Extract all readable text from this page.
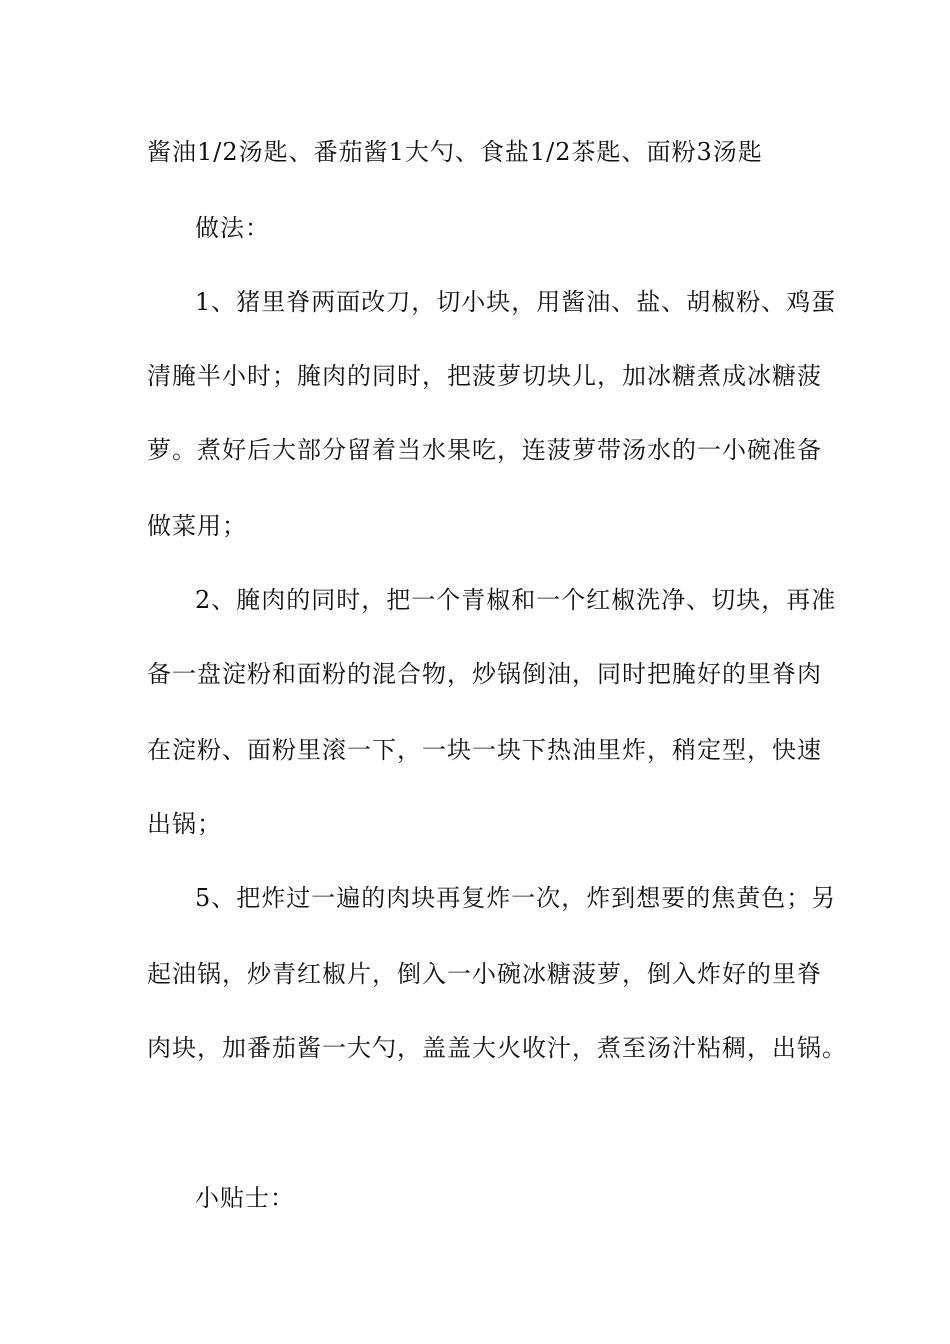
酱油1/2汤匙、番茄酱1大勺、食盐1/2茶匙、面粉3汤匙
做法：
1、猪里脊两面改刀，切小块，用酱油、盐、胡椒粉、鸡蛋
清腌半小时；腌肉的同时，把菠萝切块儿，加冰糖煮成冰糖菠
萝。煮好后大部分留着当水果吃，连菠萝带汤水的一小碗准备
做菜用；
2、腌肉的同时，把一个青椒和一个红椒洗净、切块，再准
备一盘淀粉和面粉的混合物，炒锅倒油，同时把腌好的里脊肉
在淀粉、面粉里滚一下，一块一块下热油里炸，稍定型，快速
出锅；
5、把炸过一遍的肉块再复炸一次，炸到想要的焦黄色；另
起油锅，炒青红椒片，倒入一小碗冰糖菠萝，倒入炸好的里脊
肉块，加番茄酱一大勺，盖盖大火收汁，煮至汤汁粘稠，出锅。
小贴士：
